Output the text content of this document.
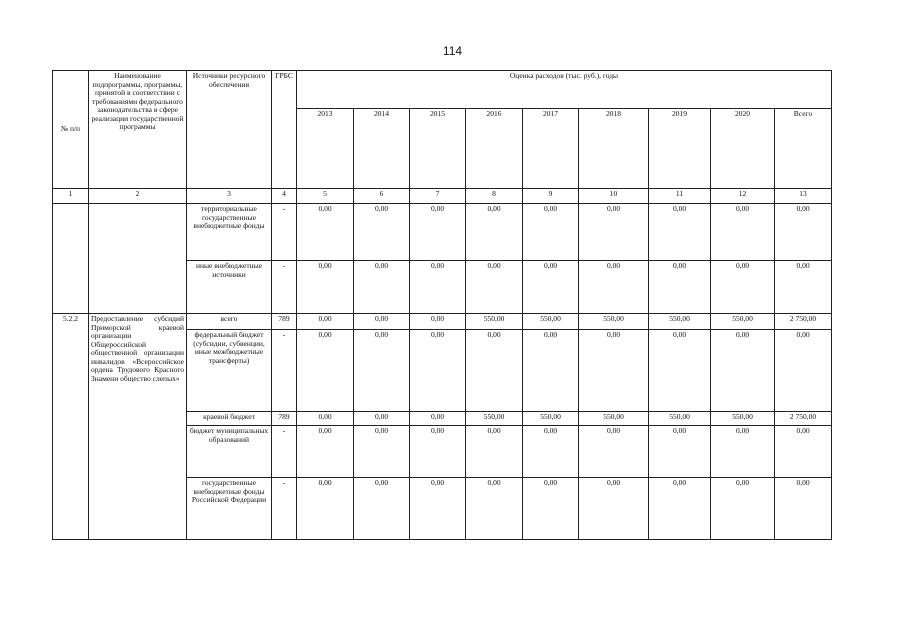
114
№ п/п	Наименование подпрограммы, программы, принятой в соответствии с требованиями федерального законодательства в сфере реализации государственной программы	Источники ресурсного обеспечения	ГРБС	Оценка расходов (тыс. руб.), годы								
				2013	2014	2015	2016	2017	2018	2019	2020	Всего
1	2	3	4	5	6	7	8	9	10	11	12	13
		территориальные государственные внебюджетные фонды	-	0,00	0,00	0,00	0,00	0,00	0,00	0,00	0,00	0,00
		иные внебюджетные источники	-	0,00	0,00	0,00	0,00	0,00	0,00	0,00	0,00	0,00
5.2.2	Предоставление субсидий Приморской краевой организации Общероссийской общественной организации инвалидов «Всероссийское ордена Трудового Красного Знамени общество слепых»	всего	789	0,00	0,00	0,00	550,00	550,00	550,00	550,00	550,00	2 750,00
		федеральный бюджет (субсидии, субвенции, иные межбюджетные трансферты)	-	0,00	0,00	0,00	0,00	0,00	0,00	0,00	0,00	0,00
		краевой бюджет	789	0,00	0,00	0,00	550,00	550,00	550,00	550,00	550,00	2 750,00
		бюджет муниципальных образований	-	0,00	0,00	0,00	0,00	0,00	0,00	0,00	0,00	0,00
		государственные внебюджетные фонды Российской Федерации	-	0,00	0,00	0,00	0,00	0,00	0,00	0,00	0,00	0,00
